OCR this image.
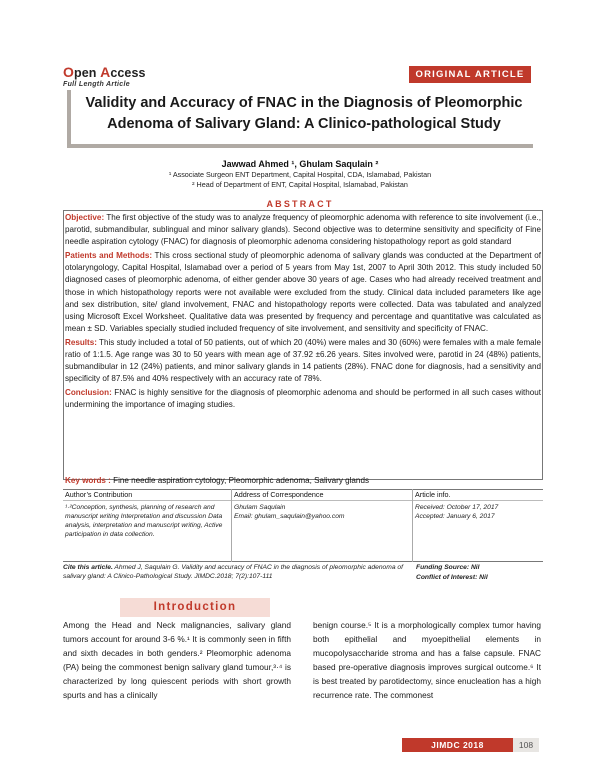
Open Access
Full Length Article
ORIGINAL ARTICLE
Validity and Accuracy of FNAC in the Diagnosis of Pleomorphic Adenoma of Salivary Gland: A Clinico-pathological Study
Jawwad Ahmed ¹, Ghulam Saqulain ²
¹ Associate Surgeon ENT Department, Capital Hospital, CDA, Islamabad, Pakistan
² Head of Department of ENT, Capital Hospital, Islamabad, Pakistan
ABSTRACT

Objective: The first objective of the study was to analyze frequency of pleomorphic adenoma with reference to site involvement (i.e., parotid, submandibular, sublingual and minor salivary glands). Second objective was to determine sensitivity and specificity of Fine needle aspiration cytology (FNAC) for diagnosis of pleomorphic adenoma considering histopathology report as gold standard

Patients and Methods: This cross sectional study of pleomorphic adenoma of salivary glands was conducted at the Department of otolaryngology, Capital Hospital, Islamabad over a period of 5 years from May 1st, 2007 to April 30th 2012. This study included 50 diagnosed cases of pleomorphic adenoma, of either gender above 30 years of age. Cases who had already received treatment and those in which histopathology reports were not available were excluded from the study. Clinical data included parameters like age and sex distribution, site/ gland involvement, FNAC and histopathology reports were collected. Data was tabulated and analyzed using Microsoft Excel Worksheet. Qualitative data was presented by frequency and percentage and quantitative was calculated as mean ± SD. Variables specially studied included frequency of site involvement, and sensitivity and specificity of FNAC.

Results: This study included a total of 50 patients, out of which 20 (40%) were males and 30 (60%) were females with a male female ratio of 1:1.5. Age range was 30 to 50 years with mean age of 37.92 ±6.26 years. Sites involved were, parotid in 24 (48%) patients, submandibular in 12 (24%) patients, and minor salivary glands in 14 patients (28%). FNAC done for diagnosis, had a sensitivity and specificity of 87.5% and 40% respectively with an accuracy rate of 78%.

Conclusion: FNAC is highly sensitive for the diagnosis of pleomorphic adenoma and should be performed in all such cases without undermining the importance of imaging studies.

Key words : Fine needle aspiration cytology, Pleomorphic adenoma, Salivary glands
Author’s Contribution
¹·²Conception, synthesis, planning of research and manuscript writing Interpretation and discussion Data analysis, interpretation and manuscript writing, Active participation in data collection.
Address of Correspondence
Ghulam Saqulain
Email: ghulam_saqulain@yahoo.com
Article info.
Received: October 17, 2017
Accepted: January 6, 2017
Cite this article. Ahmed J, Saqulain G. Validity and accuracy of FNAC in the diagnosis of pleomorphic adenoma of salivary gland: A Clinico-Pathological Study. JIMDC.2018; 7(2):107-111
Funding Source: Nil
Conflict of Interest: Nil
Introduction
Among the Head and Neck malignancies, salivary gland tumors account for around 3-6 %.¹ It is commonly seen in fifth and sixth decades in both genders.² Pleomorphic adenoma (PA) being the commonest benign salivary gland tumour,³·⁴ is characterized by long quiescent periods with short growth spurts and has a clinically
benign course.⁵ It is a morphologically complex tumor having both epithelial and myoepithelial elements in mucopolysaccharide stroma and has a false capsule. FNAC based pre-operative diagnosis improves surgical outcome.⁶ It is best treated by parotidectomy, since enucleation has a high recurrence rate. The commonest
JIMDC 2018	108
